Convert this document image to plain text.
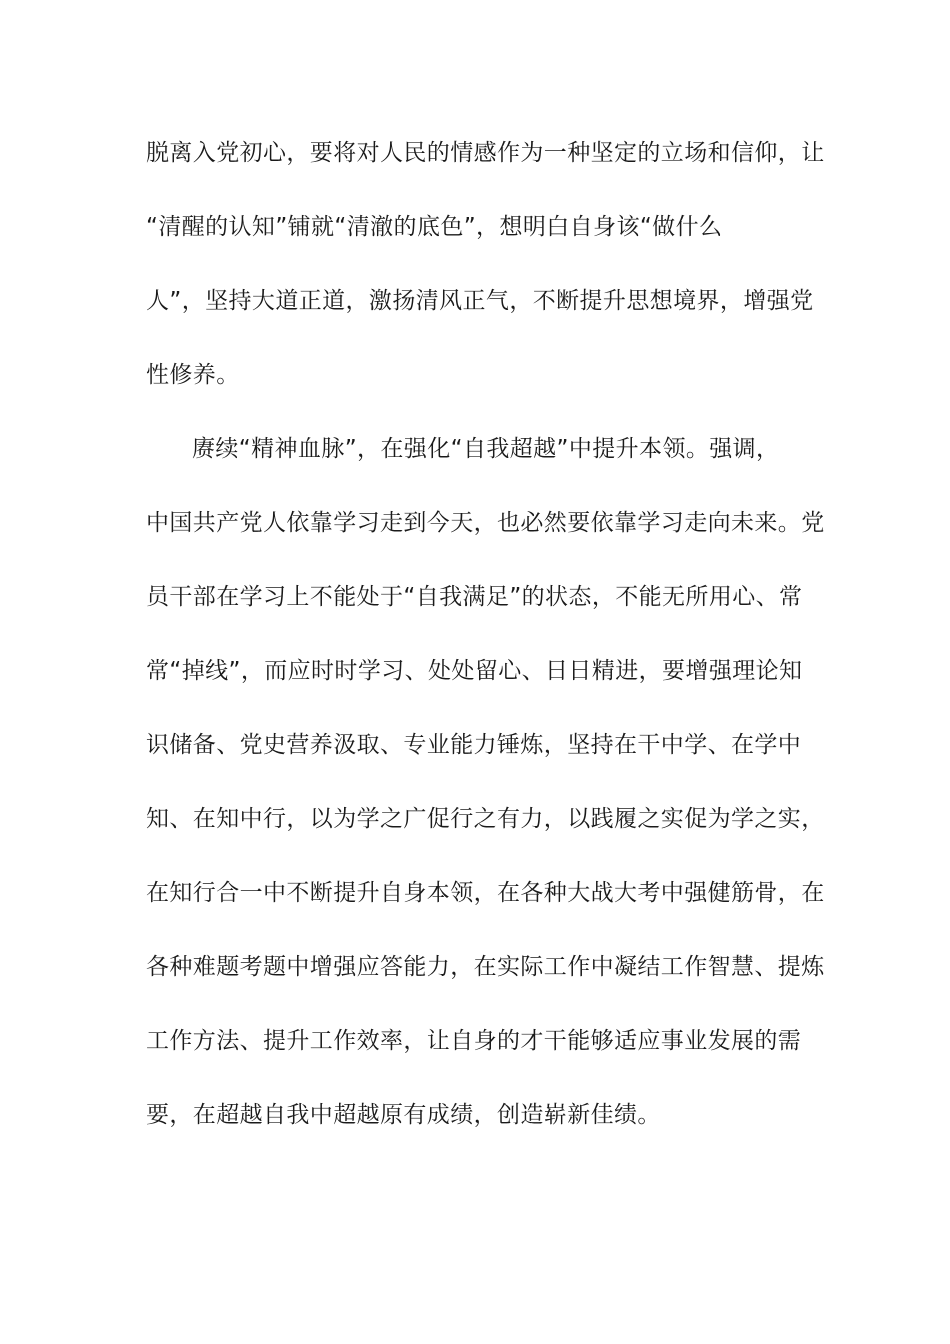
脱离入党初心，要将对人民的情感作为一种坚定的立场和信仰，让
“清醒的认知”铺就“清澈的底色”，想明白自身该“做什么
人”，坚持大道正道，激扬清风正气，不断提升思想境界，增强党
性修养。
赓续“精神血脉”，在强化“自我超越”中提升本领。强调，
中国共产党人依靠学习走到今天，也必然要依靠学习走向未来。党
员干部在学习上不能处于“自我满足”的状态，不能无所用心、常
常“掉线”，而应时时学习、处处留心、日日精进，要增强理论知
识储备、党史营养汲取、专业能力锤炼，坚持在干中学、在学中
知、在知中行，以为学之广促行之有力，以践履之实促为学之实，
在知行合一中不断提升自身本领，在各种大战大考中强健筋骨，在
各种难题考题中增强应答能力，在实际工作中凝结工作智慧、提炼
工作方法、提升工作效率，让自身的才干能够适应事业发展的需
要，在超越自我中超越原有成绩，创造崭新佳绩。
